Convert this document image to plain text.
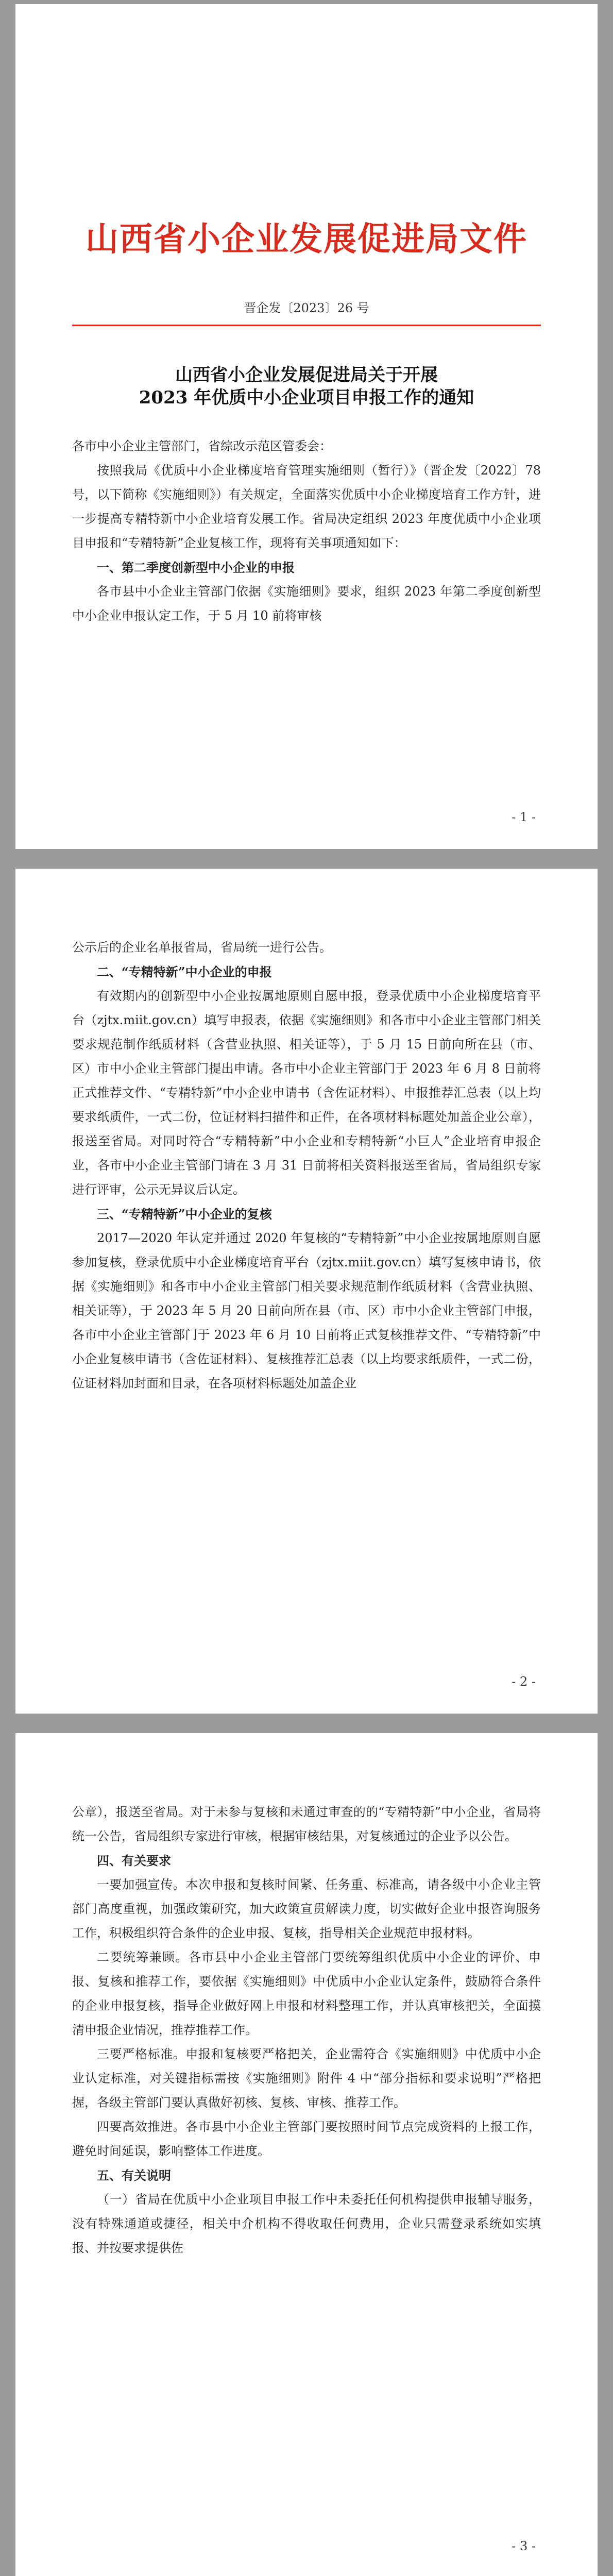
山西省小企业发展促进局文件
晋企发〔2023〕26 号
山西省小企业发展促进局关于开展
2023 年优质中小企业项目申报工作的通知

各市中小企业主管部门，省综改示范区管委会：

按照我局《优质中小企业梯度培育管理实施细则（暂行）》（晋企发〔2022〕78 号，以下简称《实施细则》）有关规定，全面落实优质中小企业梯度培育工作方针，进一步提高专精特新中小企业培育发展工作。省局决定组织 2023 年度优质中小企业项目申报和“专精特新”企业复核工作，现将有关事项通知如下：

一、第二季度创新型中小企业的申报

各市县中小企业主管部门依据《实施细则》要求，组织 2023 年第二季度创新型中小企业申报认定工作，于 5 月 10 前将审核

- 1 -

公示后的企业名单报省局，省局统一进行公告。

二、“专精特新”中小企业的申报

有效期内的创新型中小企业按属地原则自愿申报，登录优质中小企业梯度培育平台（zjtx.miit.gov.cn）填写申报表，依据《实施细则》和各市中小企业主管部门相关要求规范制作纸质材料（含营业执照、相关证等），于 5 月 15 日前向所在县（市、区）市中小企业主管部门提出申请。各市中小企业主管部门于 2023 年 6 月 8 日前将正式推荐文件、“专精特新”中小企业申请书（含佐证材料）、申报推荐汇总表（以上均要求纸质件，一式二份，位证材料扫描件和正件，在各项材料标题处加盖企业公章），报送至省局。对同时符合“专精特新”中小企业和专精特新“小巨人”企业培育申报企业，各市中小企业主管部门请在 3 月 31 日前将相关资料报送至省局，省局组织专家进行评审，公示无异议后认定。

三、“专精特新”中小企业的复核

2017—2020 年认定并通过 2020 年复核的“专精特新”中小企业按属地原则自愿参加复核，登录优质中小企业梯度培育平台（zjtx.miit.gov.cn）填写复核申请书，依据《实施细则》和各市中小企业主管部门相关要求规范制作纸质材料（含营业执照、相关证等），于 2023 年 5 月 20 日前向所在县（市、区）市中小企业主管部门申报，各市中小企业主管部门于 2023 年 6 月 10 日前将正式复核推荐文件、“专精特新”中小企业复核申请书（含佐证材料）、复核推荐汇总表（以上均要求纸质件，一式二份，位证材料加封面和目录，在各项材料标题处加盖企业

- 2 -

公章），报送至省局。对于未参与复核和未通过审查的的“专精特新”中小企业，省局将统一公告，省局组织专家进行审核，根据审核结果，对复核通过的企业予以公告。

四、有关要求

一要加强宣传。本次申报和复核时间紧、任务重、标准高，请各级中小企业主管部门高度重视，加强政策研究，加大政策宣贯解读力度，切实做好企业申报咨询服务工作，积极组织符合条件的企业申报、复核，指导相关企业规范申报材料。

二要统筹兼顾。各市县中小企业主管部门要统筹组织优质中小企业的评价、申报、复核和推荐工作，要依据《实施细则》中优质中小企业认定条件，鼓励符合条件的企业申报复核，指导企业做好网上申报和材料整理工作，并认真审核把关，全面摸清申报企业情况，推荐推荐工作。

三要严格标准。申报和复核要严格把关，企业需符合《实施细则》中优质中小企业认定标准，对关键指标需按《实施细则》附件 4 中“部分指标和要求说明”严格把握，各级主管部门要认真做好初核、复核、审核、推荐工作。

四要高效推进。各市县中小企业主管部门要按照时间节点完成资料的上报工作，避免时间延误，影响整体工作进度。

五、有关说明

（一）省局在优质中小企业项目申报工作中未委托任何机构提供申报辅导服务，没有特殊通道或捷径，相关中介机构不得收取任何费用，企业只需登录系统如实填报、并按要求提供佐

- 3 -
